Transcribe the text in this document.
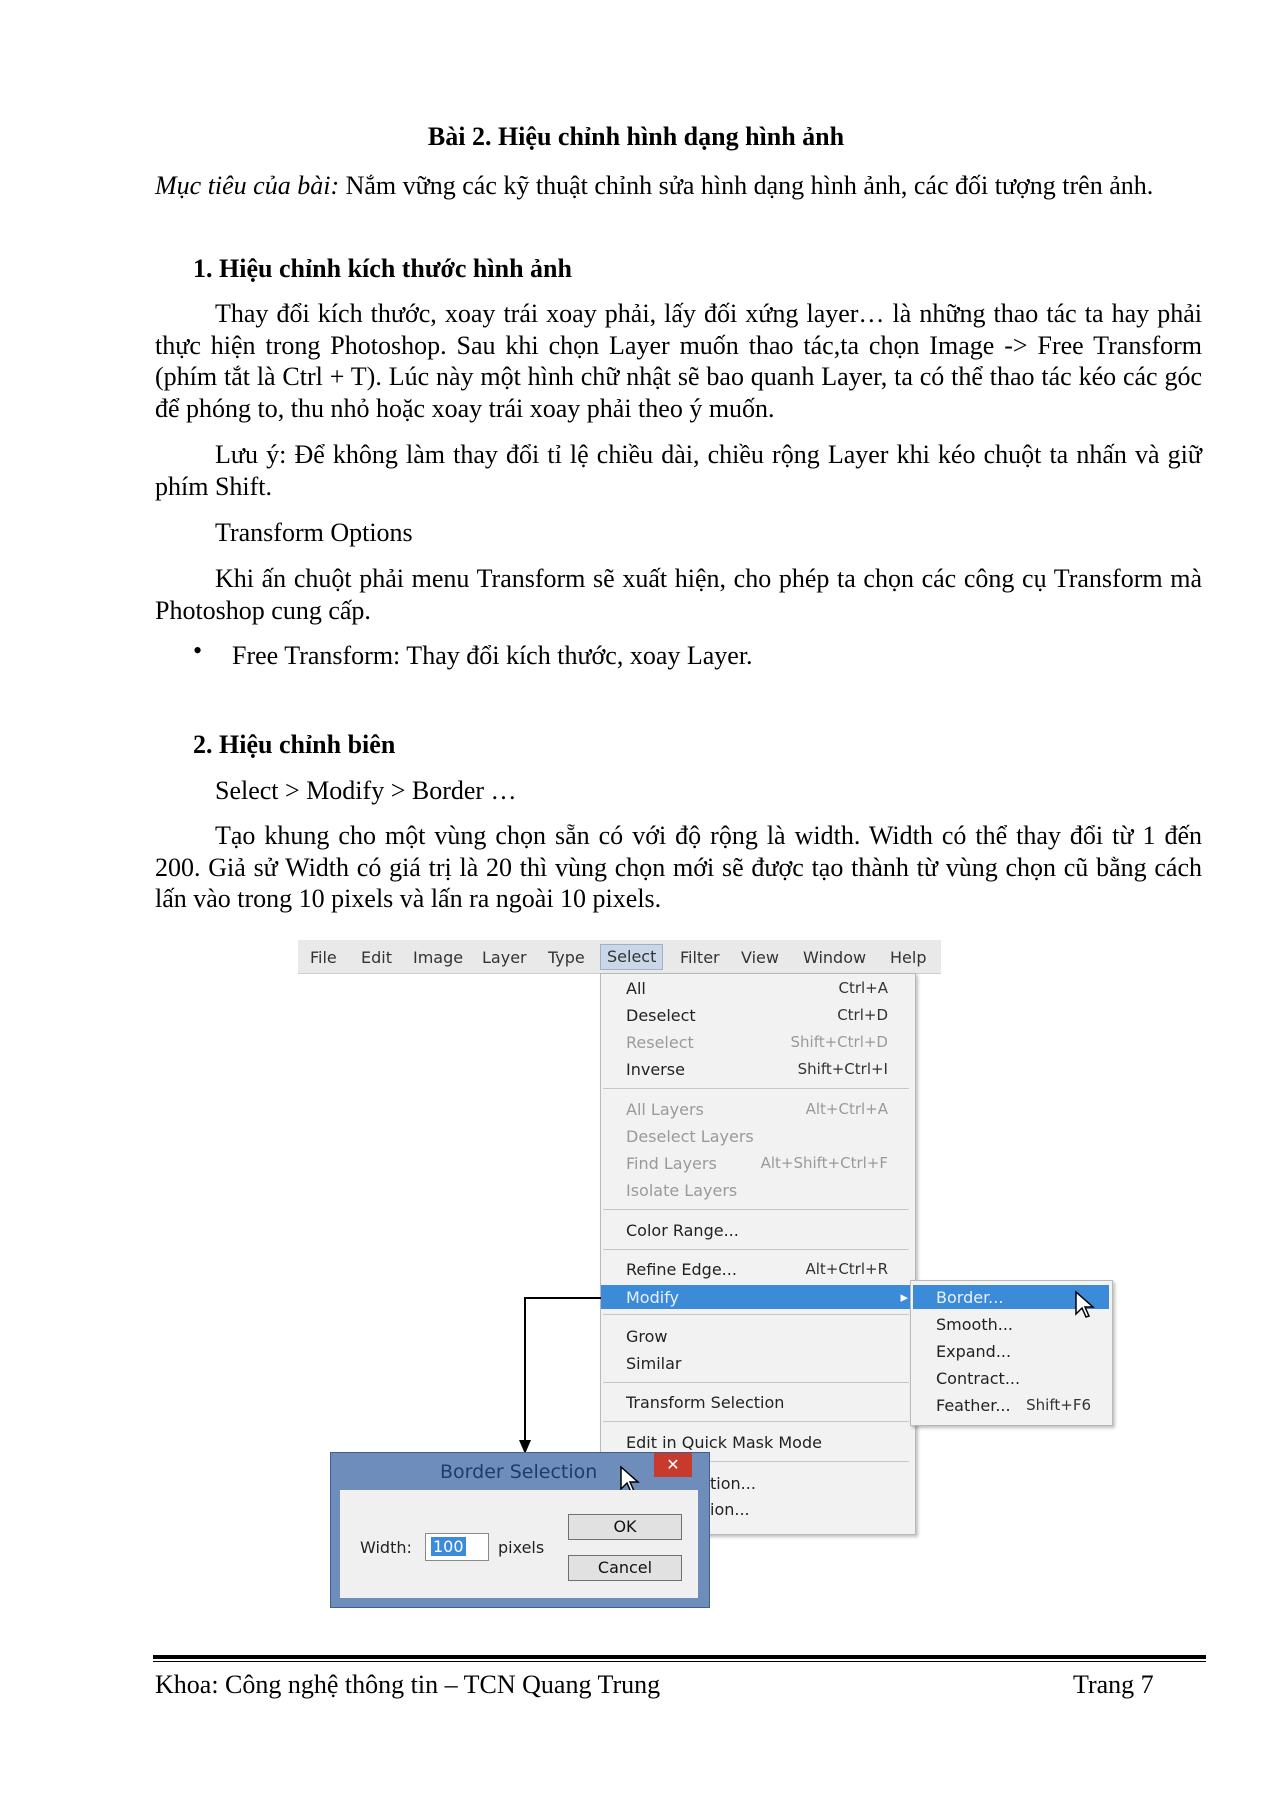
Bài 2. Hiệu chỉnh hình dạng hình ảnh
Mục tiêu của bài: Nắm vững các kỹ thuật chỉnh sửa hình dạng hình ảnh, các đối tượng trên ảnh.
1. Hiệu chỉnh kích thước hình ảnh
Thay đổi kích thước, xoay trái xoay phải, lấy đối xứng layer… là những thao tác ta hay phải thực hiện trong Photoshop. Sau khi chọn Layer muốn thao tác,ta chọn Image -> Free Transform (phím tắt là Ctrl + T). Lúc này một hình chữ nhật sẽ bao quanh Layer, ta có thể thao tác kéo các góc để phóng to, thu nhỏ hoặc xoay trái xoay phải theo ý muốn.
Lưu ý: Để không làm thay đổi tỉ lệ chiều dài, chiều rộng Layer khi kéo chuột ta nhấn và giữ phím Shift.
Transform Options
Khi ấn chuột phải menu Transform sẽ xuất hiện, cho phép ta chọn các công cụ Transform mà Photoshop cung cấp.
• Free Transform: Thay đổi kích thước, xoay Layer.
2. Hiệu chỉnh biên
Select > Modify > Border …
Tạo khung cho một vùng chọn sẵn có với độ rộng là width. Width có thể thay đổi từ 1 đến 200. Giả sử Width có giá trị là 20 thì vùng chọn mới sẽ được tạo thành từ vùng chọn cũ bằng cách lấn vào trong 10 pixels và lấn ra ngoài 10 pixels.
File Edit Image Layer Type	Select	Filter View Window Help
All	Ctrl+A
Deselect	Ctrl+D
Reselect	Shift+Ctrl+D
Inverse	Shift+Ctrl+I
All Layers	Alt+Ctrl+A
Deselect Layers
Find Layers	Alt+Shift+Ctrl+F
Isolate Layers
Color Range...
Refine Edge...	Alt+Ctrl+R
Modify	▸
Grow
Similar
Transform Selection
Edit in Quick Mask Mode
tion...
ion...
Border...
Smooth...
Expand...
Contract...
Feather... Shift+F6
Border Selection	✕
Width: 100 pixels
OK
Cancel
Khoa: Công nghệ thông tin – TCN Quang Trung	Trang 7
